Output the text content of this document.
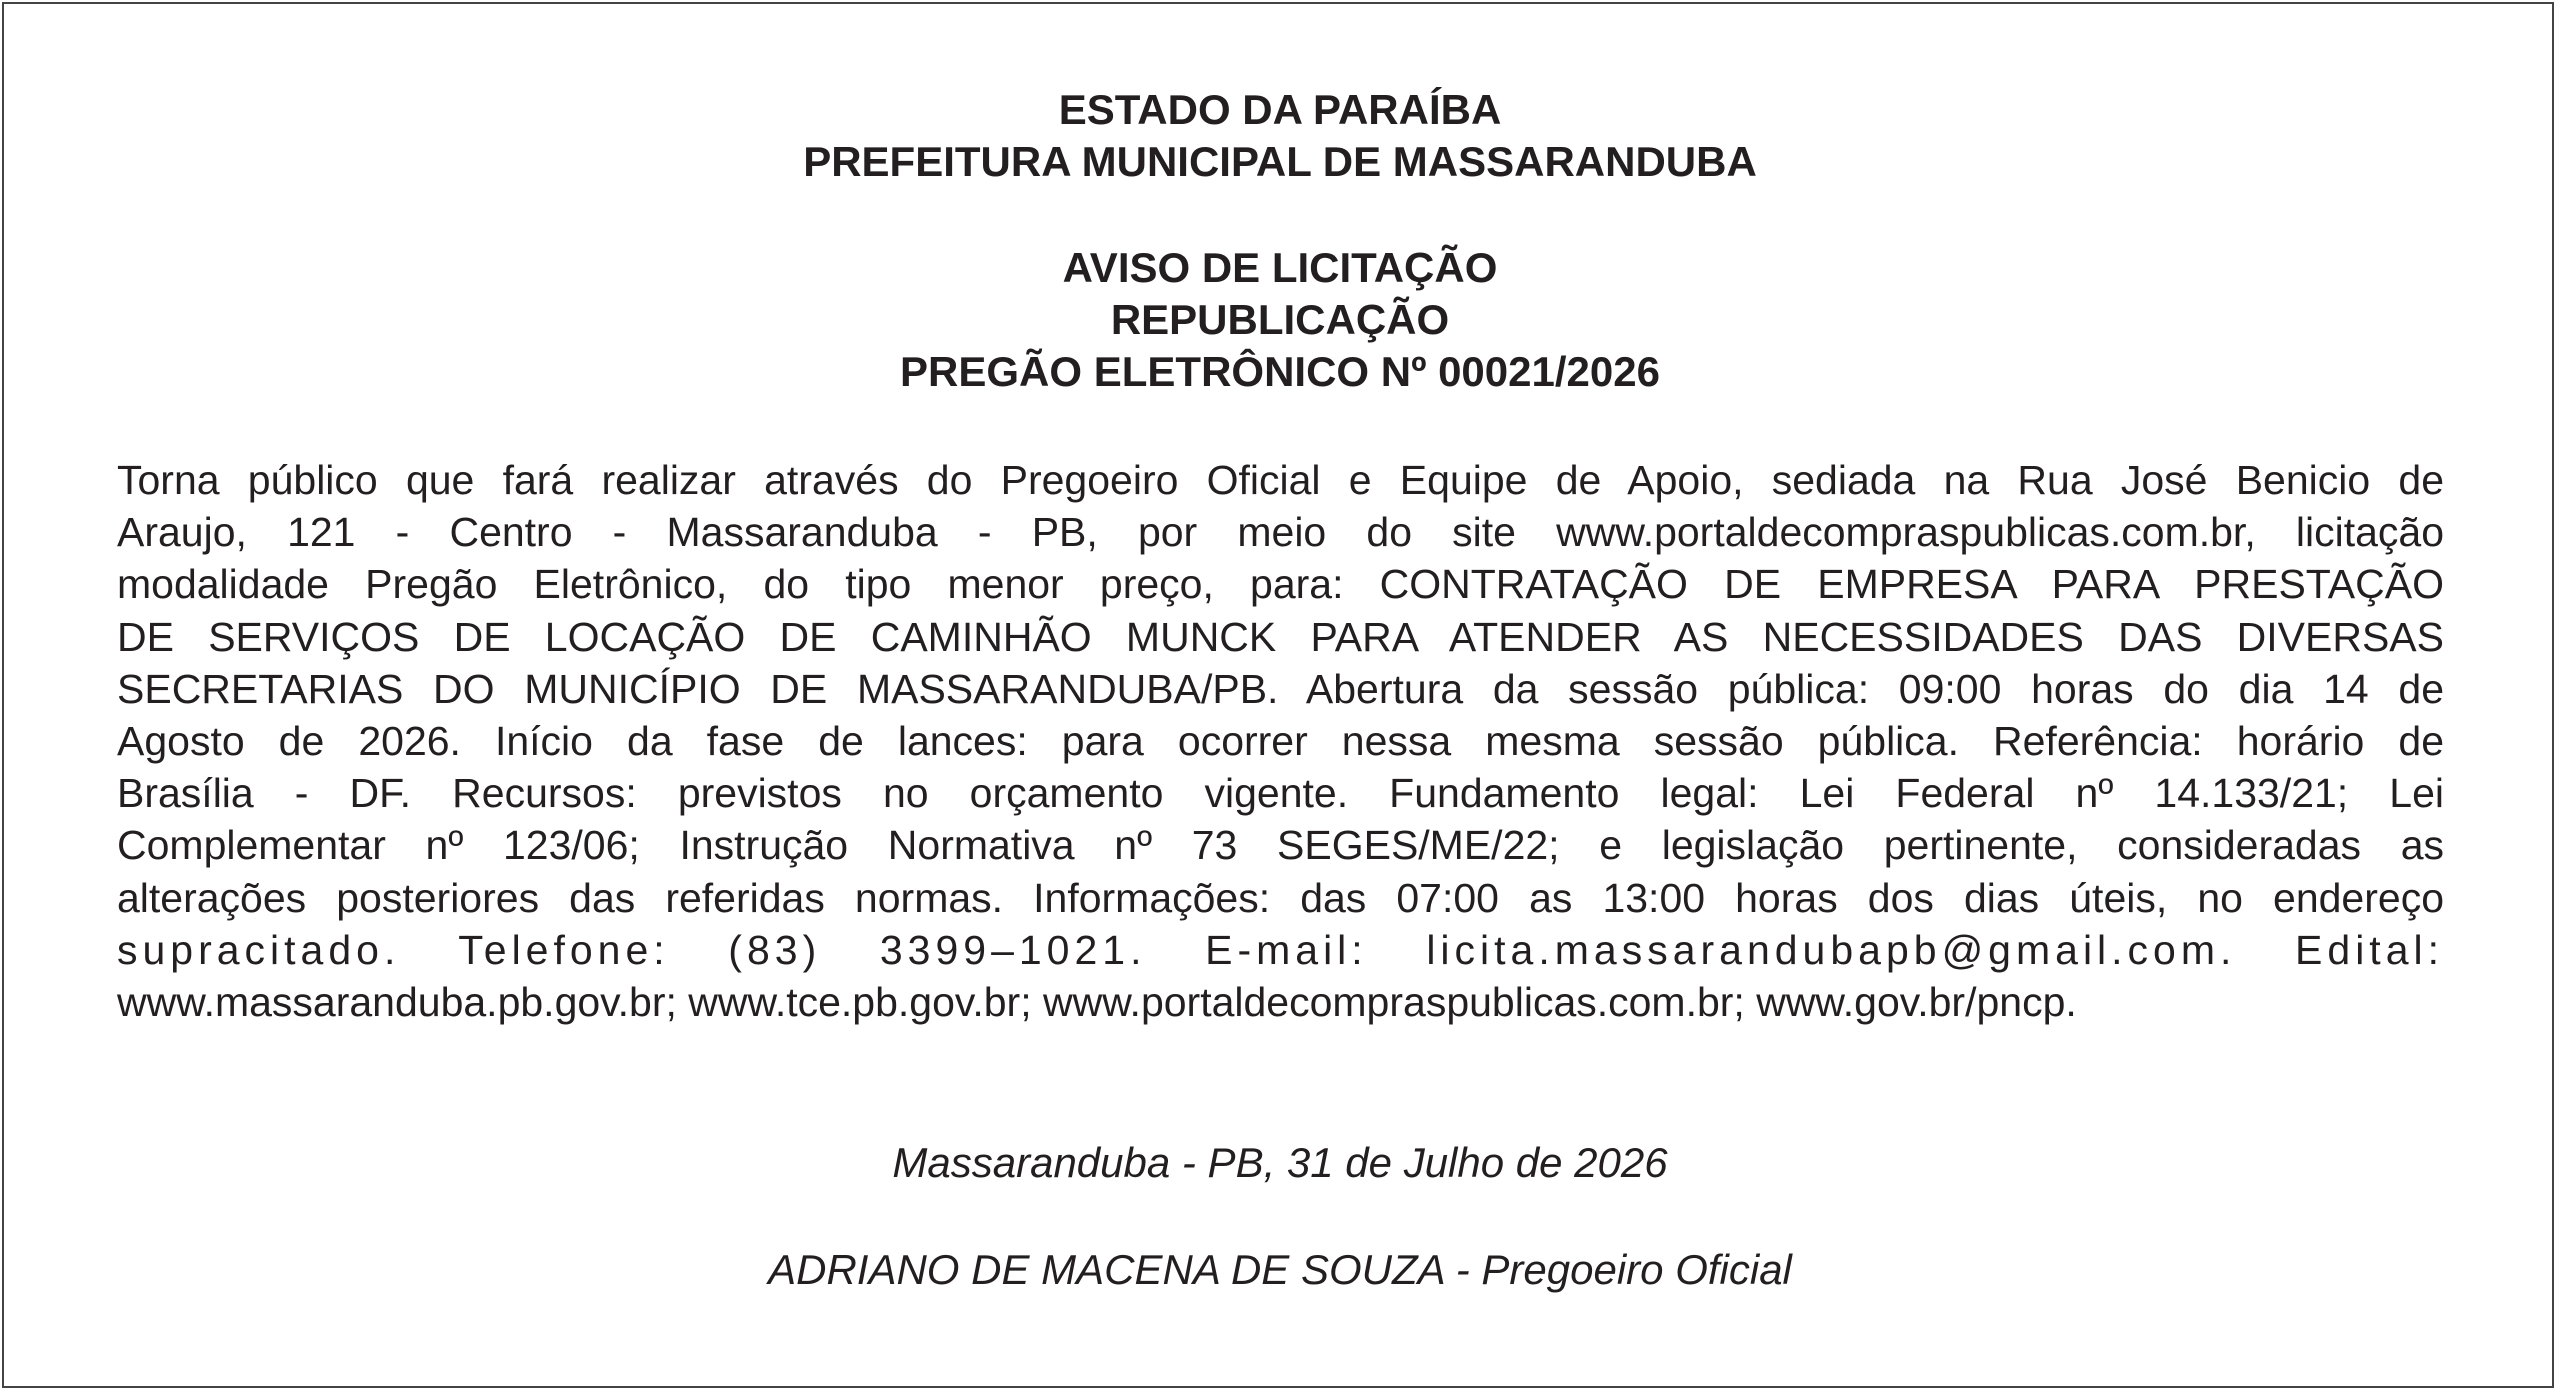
ESTADO DA PARAÍBA
PREFEITURA MUNICIPAL DE MASSARANDUBA
AVISO DE LICITAÇÃO
REPUBLICAÇÃO
PREGÃO ELETRÔNICO Nº 00021/2026
Torna público que fará realizar através do Pregoeiro Oficial e Equipe de Apoio, sediada na Rua José Benicio de
Araujo, 121 - Centro - Massaranduba - PB, por meio do site www.portaldecompraspublicas.com.br, licitação
modalidade Pregão Eletrônico, do tipo menor preço, para: CONTRATAÇÃO DE EMPRESA PARA PRESTAÇÃO
DE SERVIÇOS DE LOCAÇÃO DE CAMINHÃO MUNCK PARA ATENDER AS NECESSIDADES DAS DIVERSAS
SECRETARIAS DO MUNICÍPIO DE MASSARANDUBA/PB. Abertura da sessão pública: 09:00 horas do dia 14 de
Agosto de 2026. Início da fase de lances: para ocorrer nessa mesma sessão pública. Referência: horário de
Brasília - DF. Recursos: previstos no orçamento vigente. Fundamento legal: Lei Federal nº 14.133/21; Lei
Complementar nº 123/06; Instrução Normativa nº 73 SEGES/ME/22; e legislação pertinente, consideradas as
alterações posteriores das referidas normas. Informações: das 07:00 as 13:00 horas dos dias úteis, no endereço
supracitado. Telefone: (83) 3399–1021. E-mail: licita.massarandubapb@gmail.com. Edital:
www.massaranduba.pb.gov.br; www.tce.pb.gov.br; www.portaldecompraspublicas.com.br; www.gov.br/pncp.
Massaranduba - PB, 31 de Julho de 2026
ADRIANO DE MACENA DE SOUZA - Pregoeiro Oficial
